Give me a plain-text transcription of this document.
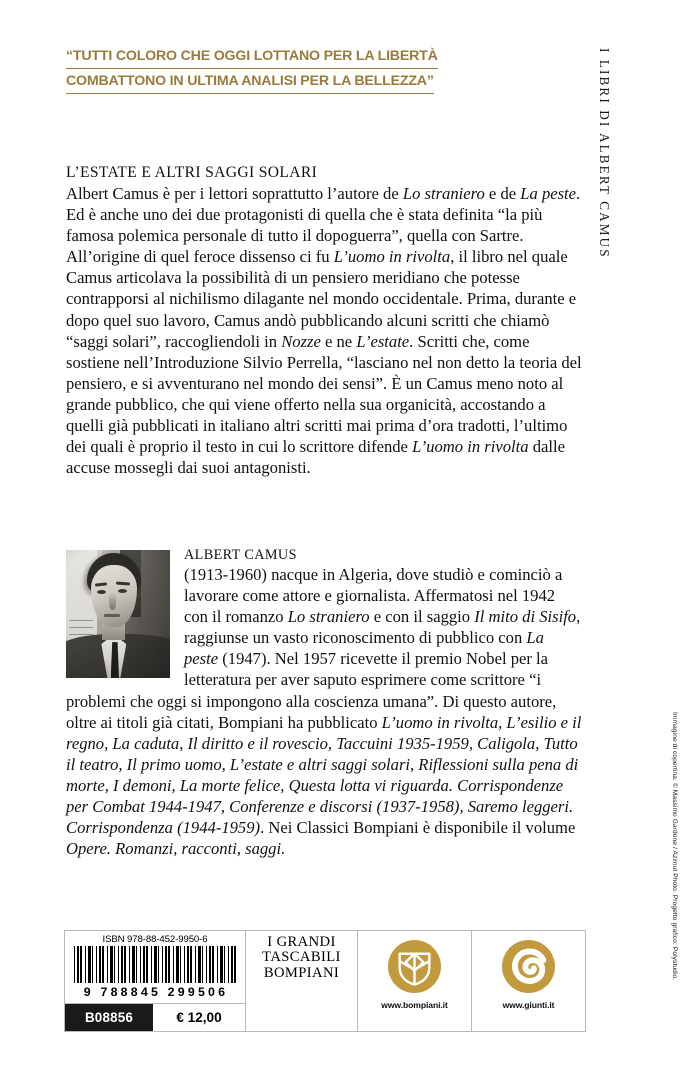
“TUTTI COLORO CHE OGGI LOTTANO PER LA LIBERTÀ
COMBATTONO IN ULTIMA ANALISI PER LA BELLEZZA”	I LIBRI DI ALBERT CAMUS
Immagine di copertina: © Massimo Gardone / Azimut Photo. Progetto grafico: Polystudio.
L’ESTATE E ALTRI SAGGI SOLARI
Albert Camus è per i lettori soprattutto l’autore de Lo straniero e de La peste. Ed è anche uno dei due protagonisti di quella che è stata definita “la più famosa polemica personale di tutto il dopoguerra”, quella con Sartre. All’origine di quel feroce dissenso ci fu L’uomo in rivolta, il libro nel quale Camus articolava la possibilità di un pensiero meridiano che potesse contrapporsi al nichilismo dilagante nel mondo occidentale. Prima, durante e dopo quel suo lavoro, Camus andò pubblicando alcuni scritti che chiamò “saggi solari”, raccogliendoli in Nozze e ne L’estate. Scritti che, come sostiene nell’Introduzione Silvio Perrella, “lasciano nel non detto la teoria del pensiero, e si avventurano nel mondo dei sensi”. È un Camus meno noto al grande pubblico, che qui viene offerto nella sua organicità, accostando a quelli già pubblicati in italiano altri scritti mai prima d’ora tradotti, l’ultimo dei quali è proprio il testo in cui lo scrittore difende L’uomo in rivolta dalle accuse mossegli dai suoi antagonisti.
ALBERT CAMUS
(1913-1960) nacque in Algeria, dove studiò e cominciò a lavorare come attore e giornalista. Affermatosi nel 1942 con il romanzo Lo straniero e con il saggio Il mito di Sisifo, raggiunse un vasto riconoscimento di pubblico con La peste (1947). Nel 1957 ricevette il premio Nobel per la letteratura per aver saputo esprimere come scrittore “i problemi che oggi si impongono alla coscienza umana”. Di questo autore, oltre ai titoli già citati, Bompiani ha pubblicato L’uomo in rivolta, L’esilio e il regno, La caduta, Il diritto e il rovescio, Taccuini 1935-1959, Caligola, Tutto il teatro, Il primo uomo, L’estate e altri saggi solari, Riflessioni sulla pena di morte, I demoni, La morte felice, Questa lotta vi riguarda. Corrispondenze per Combat 1944-1947, Conferenze e discorsi (1937-1958), Saremo leggeri. Corrispondenza (1944-1959). Nei Classici Bompiani è disponibile il volume Opere. Romanzi, racconti, saggi.
ISBN 978-88-452-9950-6
9 788845 299506
B08856	€ 12,00
I GRANDI
TASCABILI
BOMPIANI
www.bompiani.it	www.giunti.it
